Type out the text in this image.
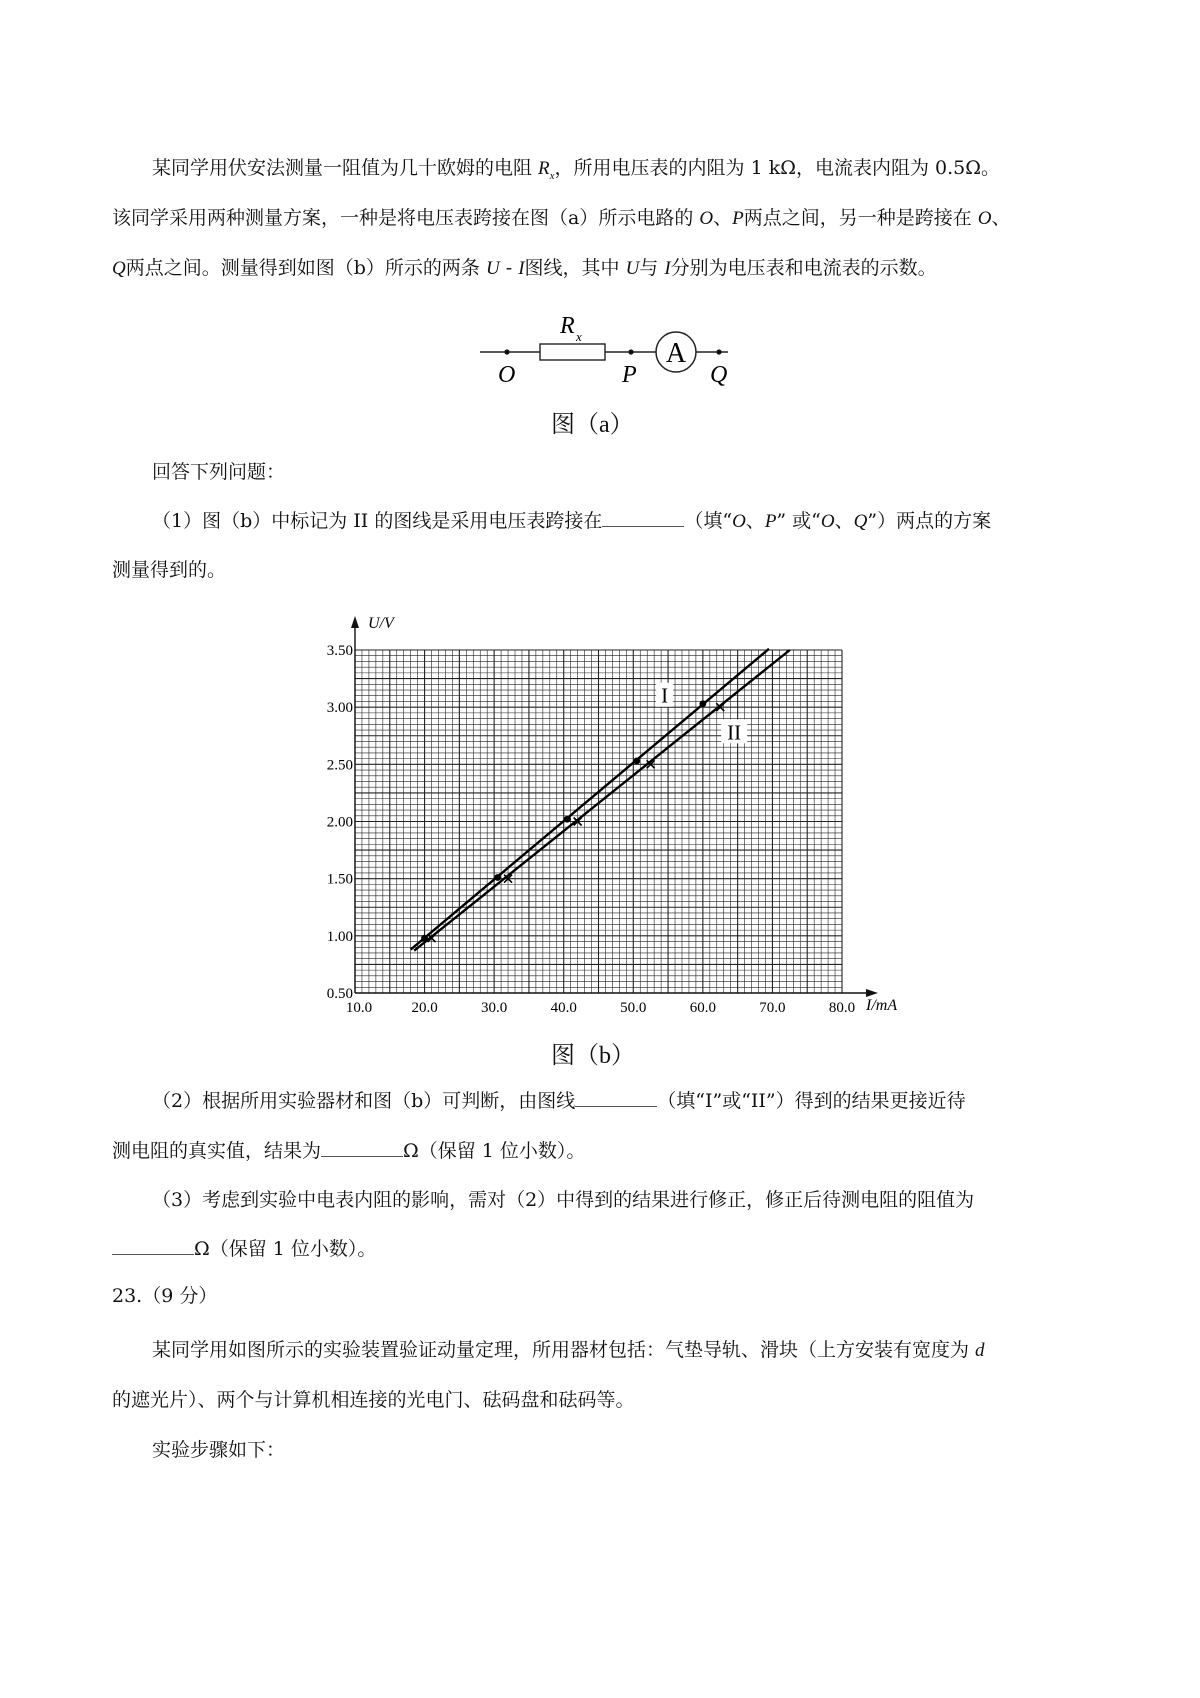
某同学用伏安法测量一阻值为几十欧姆的电阻 $R_x$，所用电压表的内阻为 1 kΩ，电流表内阻为 0.5Ω。
该同学采用两种测量方案，一种是将电压表跨接在图（a）所示电路的 O、P两点之间，另一种是跨接在 O、
Q两点之间。测量得到如图（b）所示的两条 U - I图线，其中 U与 I分别为电压表和电流表的示数。
A
R x
O	P	Q
图（a）
回答下列问题：
（1）图（b）中标记为 II 的图线是采用电压表跨接在	（填“O、P” 或“O、Q”）两点的方案
测量得到的。
10.0	20.0	30.0	40.0	50.0	60.0	70.0	80.0
0.50
1.00
1.50
2.00
2.50
3.00
3.50
I
II
U/V
I/mA
图（b）
（2）根据所用实验器材和图（b）可判断，由图线	（填“I”或“II”）得到的结果更接近待
测电阻的真实值，结果为	Ω（保留 1 位小数）。
（3）考虑到实验中电表内阻的影响，需对（2）中得到的结果进行修正，修正后待测电阻的阻值为
Ω（保留 1 位小数）。
23.（9 分）
某同学用如图所示的实验装置验证动量定理，所用器材包括：气垫导轨、滑块（上方安装有宽度为 d
的遮光片）、两个与计算机相连接的光电门、砝码盘和砝码等。
实验步骤如下：
